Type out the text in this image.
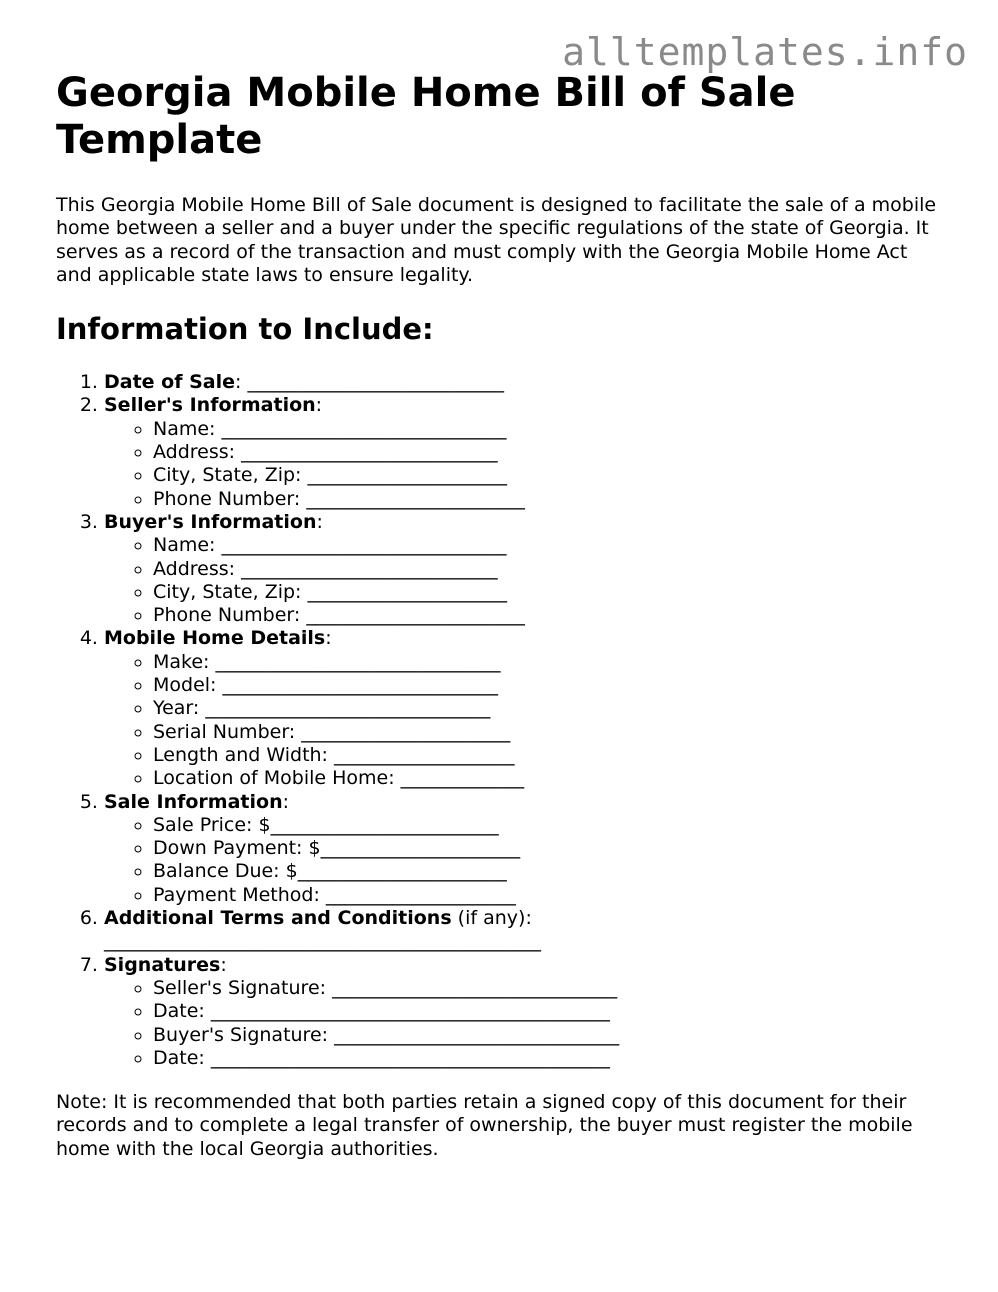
alltemplates.info
Georgia Mobile Home Bill of Sale Template

This Georgia Mobile Home Bill of Sale document is designed to facilitate the sale of a mobile home between a seller and a buyer under the specific regulations of the state of Georgia. It serves as a record of the transaction and must comply with the Georgia Mobile Home Act and applicable state laws to ensure legality.

Information to Include:
1. Date of Sale: ___________________________
2. Seller's Information:
◦ Name: ______________________________
◦ Address: ___________________________
◦ City, State, Zip: _____________________
◦ Phone Number: _______________________
3. Buyer's Information:
◦ Name: ______________________________
◦ Address: ___________________________
◦ City, State, Zip: _____________________
◦ Phone Number: _______________________
4. Mobile Home Details:
◦ Make: ______________________________
◦ Model: _____________________________
◦ Year: ______________________________
◦ Serial Number: ______________________
◦ Length and Width: ___________________
◦ Location of Mobile Home: _____________
5. Sale Information:
◦ Sale Price: $________________________
◦ Down Payment: $_____________________
◦ Balance Due: $______________________
◦ Payment Method: ____________________
6. Additional Terms and Conditions (if any):
______________________________________________
7. Signatures:
◦ Seller's Signature: ______________________________
◦ Date: __________________________________________
◦ Buyer's Signature: ______________________________
◦ Date: __________________________________________

Note: It is recommended that both parties retain a signed copy of this document for their records and to complete a legal transfer of ownership, the buyer must register the mobile home with the local Georgia authorities.
